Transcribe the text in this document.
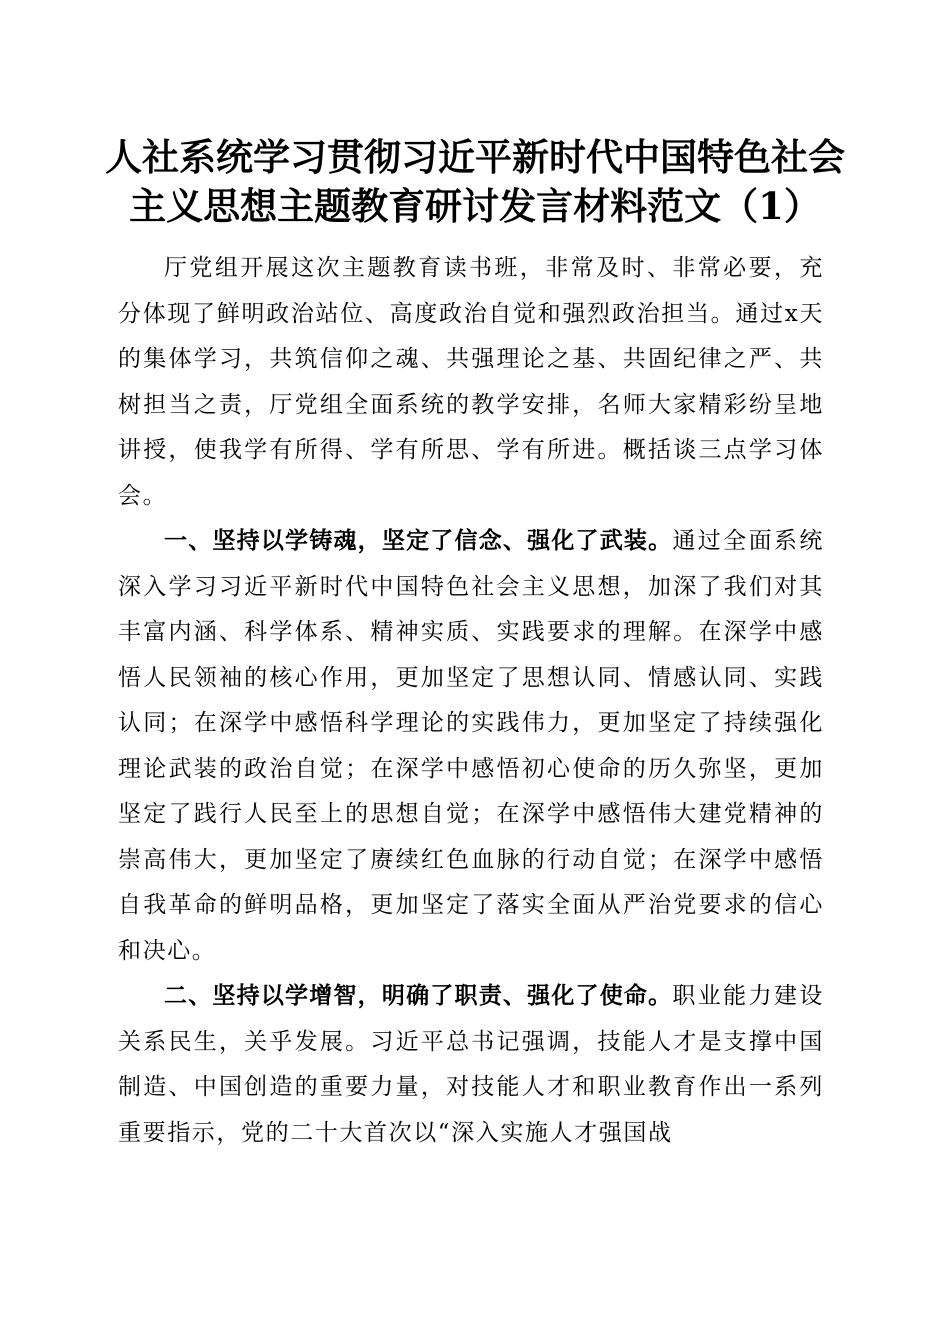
人社系统学习贯彻习近平新时代中国特色社会
主义思想主题教育研讨发言材料范文（1）

厅党组开展这次主题教育读书班，非常及时、非常必要，充分体现了鲜明政治站位、高度政治自觉和强烈政治担当。通过x天的集体学习，共筑信仰之魂、共强理论之基、共固纪律之严、共树担当之责，厅党组全面系统的教学安排，名师大家精彩纷呈地讲授，使我学有所得、学有所思、学有所进。概括谈三点学习体会。

一、坚持以学铸魂，坚定了信念、强化了武装。通过全面系统深入学习习近平新时代中国特色社会主义思想，加深了我们对其丰富内涵、科学体系、精神实质、实践要求的理解。在深学中感悟人民领袖的核心作用，更加坚定了思想认同、情感认同、实践认同；在深学中感悟科学理论的实践伟力，更加坚定了持续强化理论武装的政治自觉；在深学中感悟初心使命的历久弥坚，更加坚定了践行人民至上的思想自觉；在深学中感悟伟大建党精神的崇高伟大，更加坚定了赓续红色血脉的行动自觉；在深学中感悟自我革命的鲜明品格，更加坚定了落实全面从严治党要求的信心和决心。

二、坚持以学增智，明确了职责、强化了使命。职业能力建设关系民生，关乎发展。习近平总书记强调，技能人才是支撑中国制造、中国创造的重要力量，对技能人才和职业教育作出一系列重要指示，党的二十大首次以“深入实施人才强国战
